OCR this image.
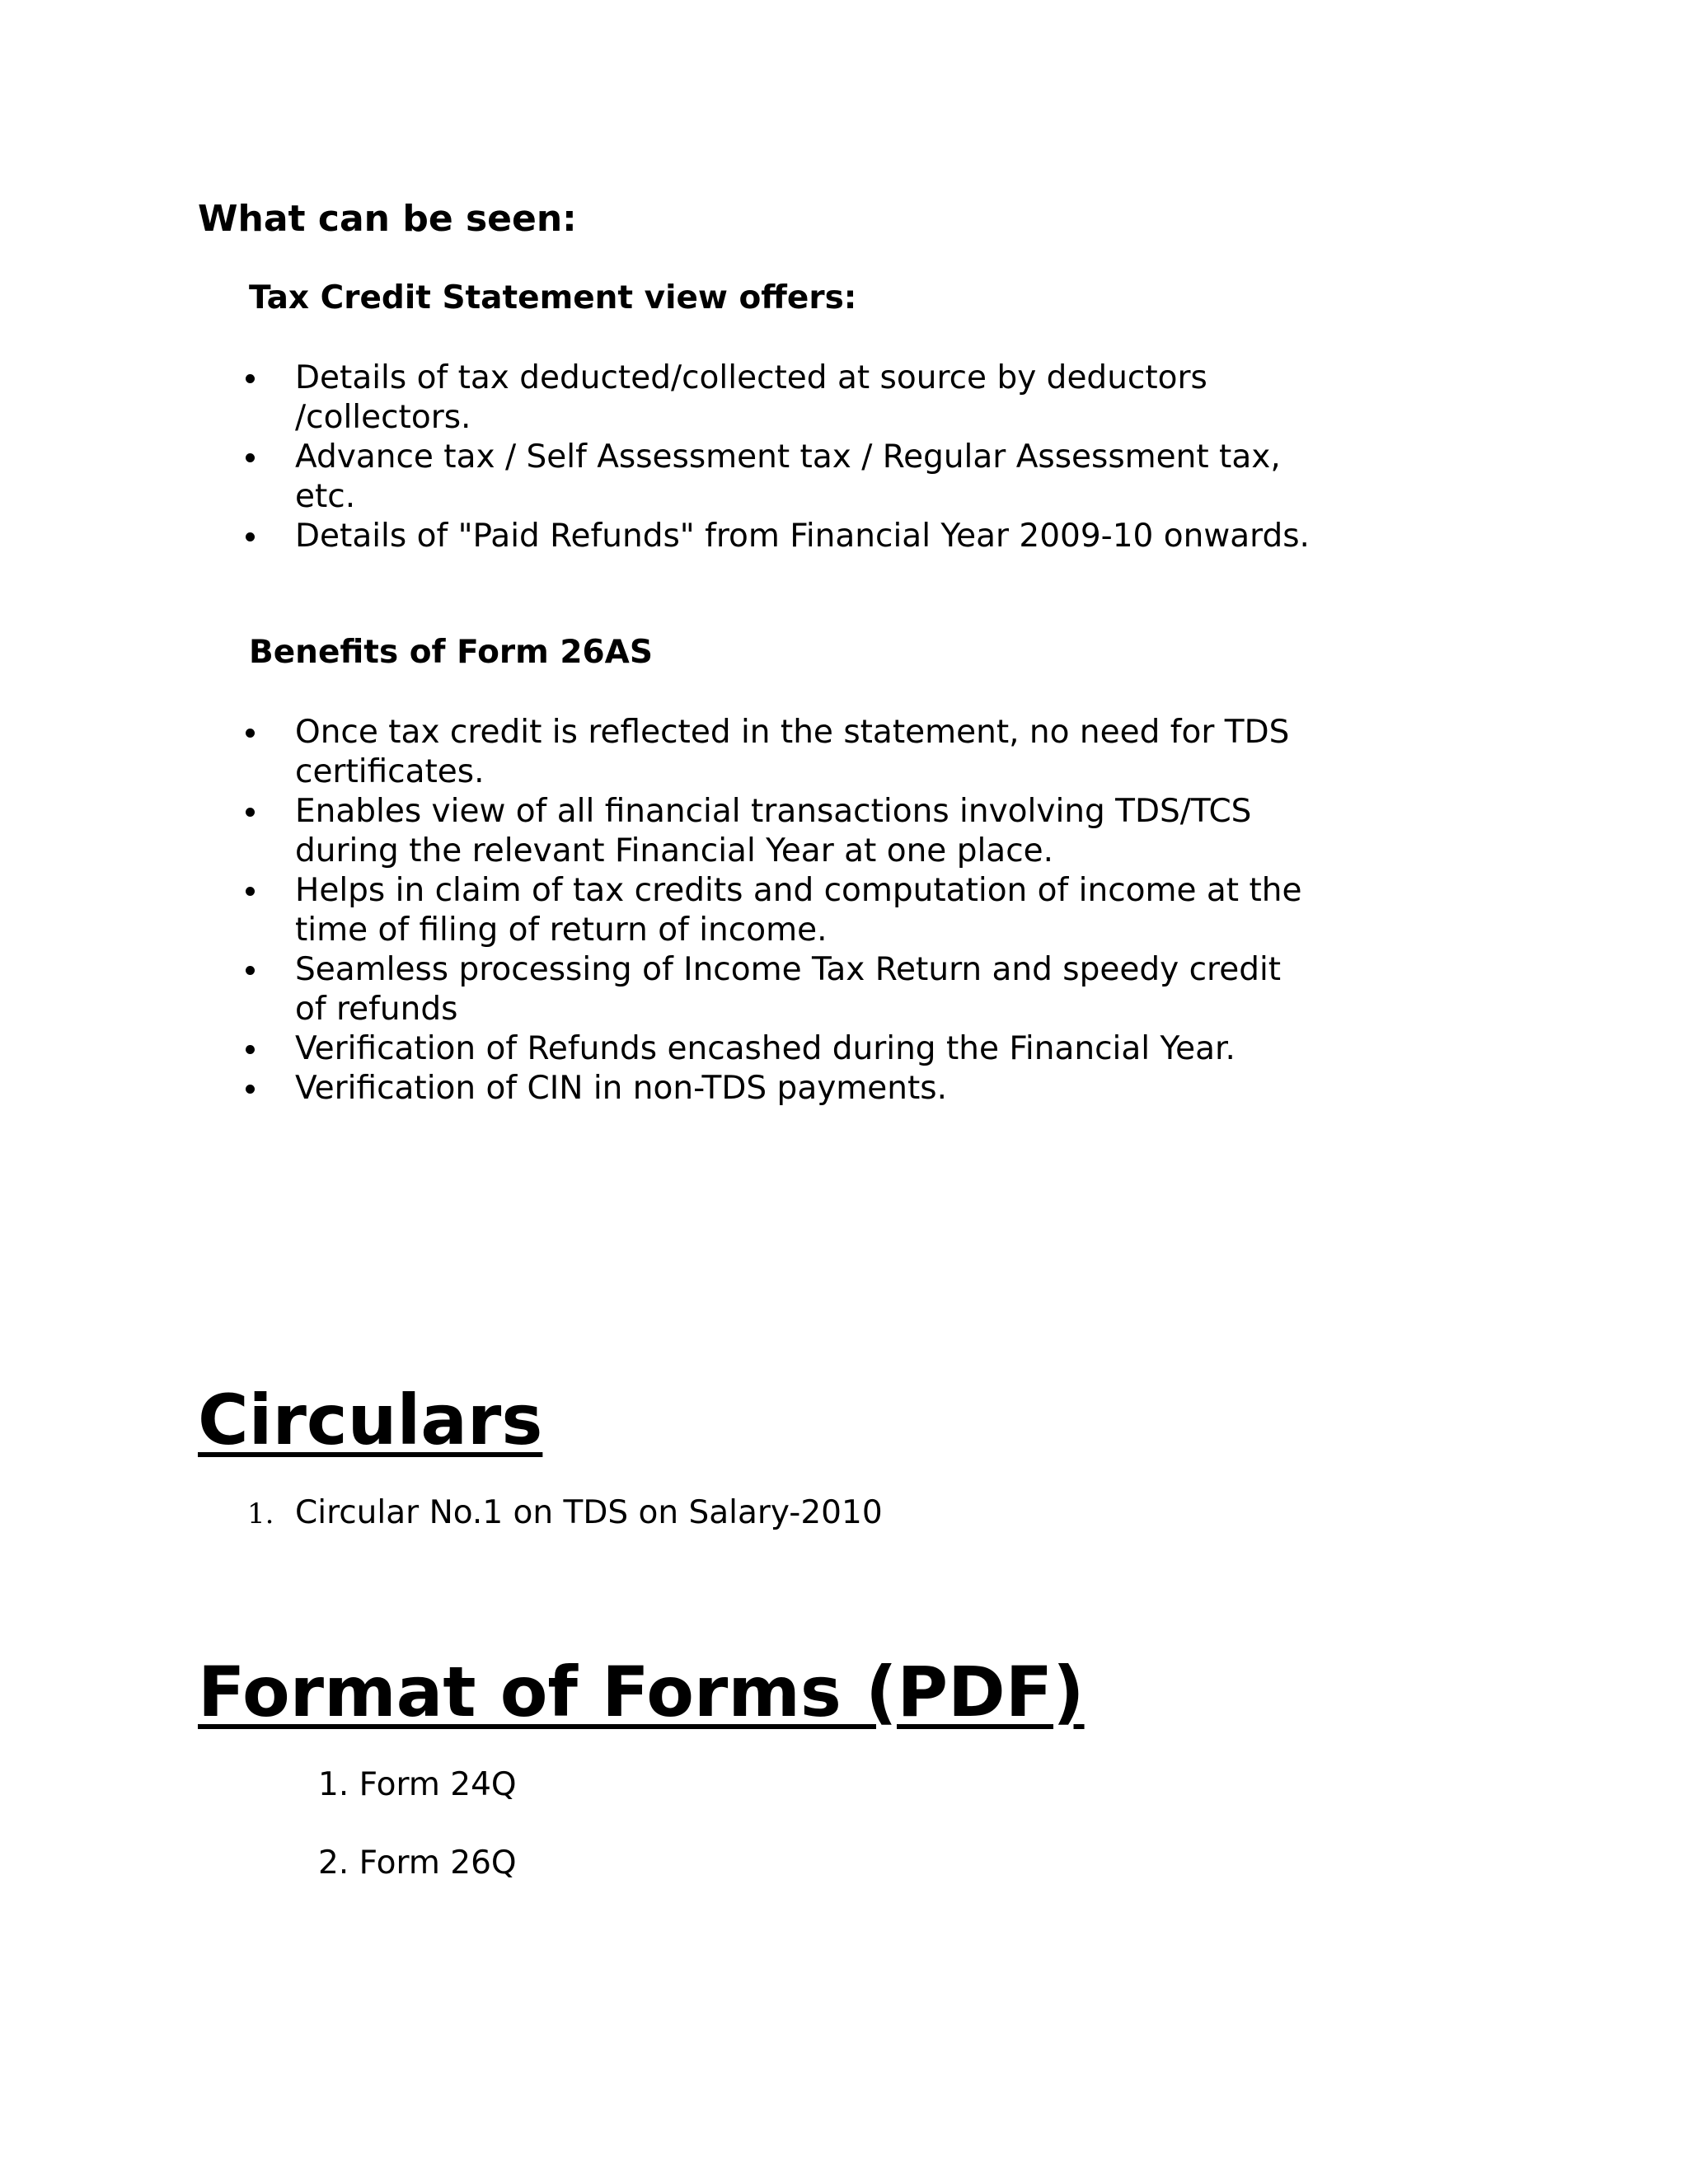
What can be seen:
Tax Credit Statement view offers:
Details of tax deducted/collected at source by deductors /collectors.
Advance tax / Self Assessment tax / Regular Assessment tax, etc.
Details of "Paid Refunds" from Financial Year 2009-10 onwards.
Benefits of Form 26AS
Once tax credit is reflected in the statement, no need for TDS certificates.
Enables view of all financial transactions involving TDS/TCS during the relevant Financial Year at one place.
Helps in claim of tax credits and computation of income at the time of filing of return of income.
Seamless processing of Income Tax Return and speedy credit of refunds
Verification of Refunds encashed during the Financial Year.
Verification of CIN in non-TDS payments.
Circulars
1. Circular No.1 on TDS on Salary-2010
Format of Forms (PDF)
1. Form 24Q
2. Form 26Q
